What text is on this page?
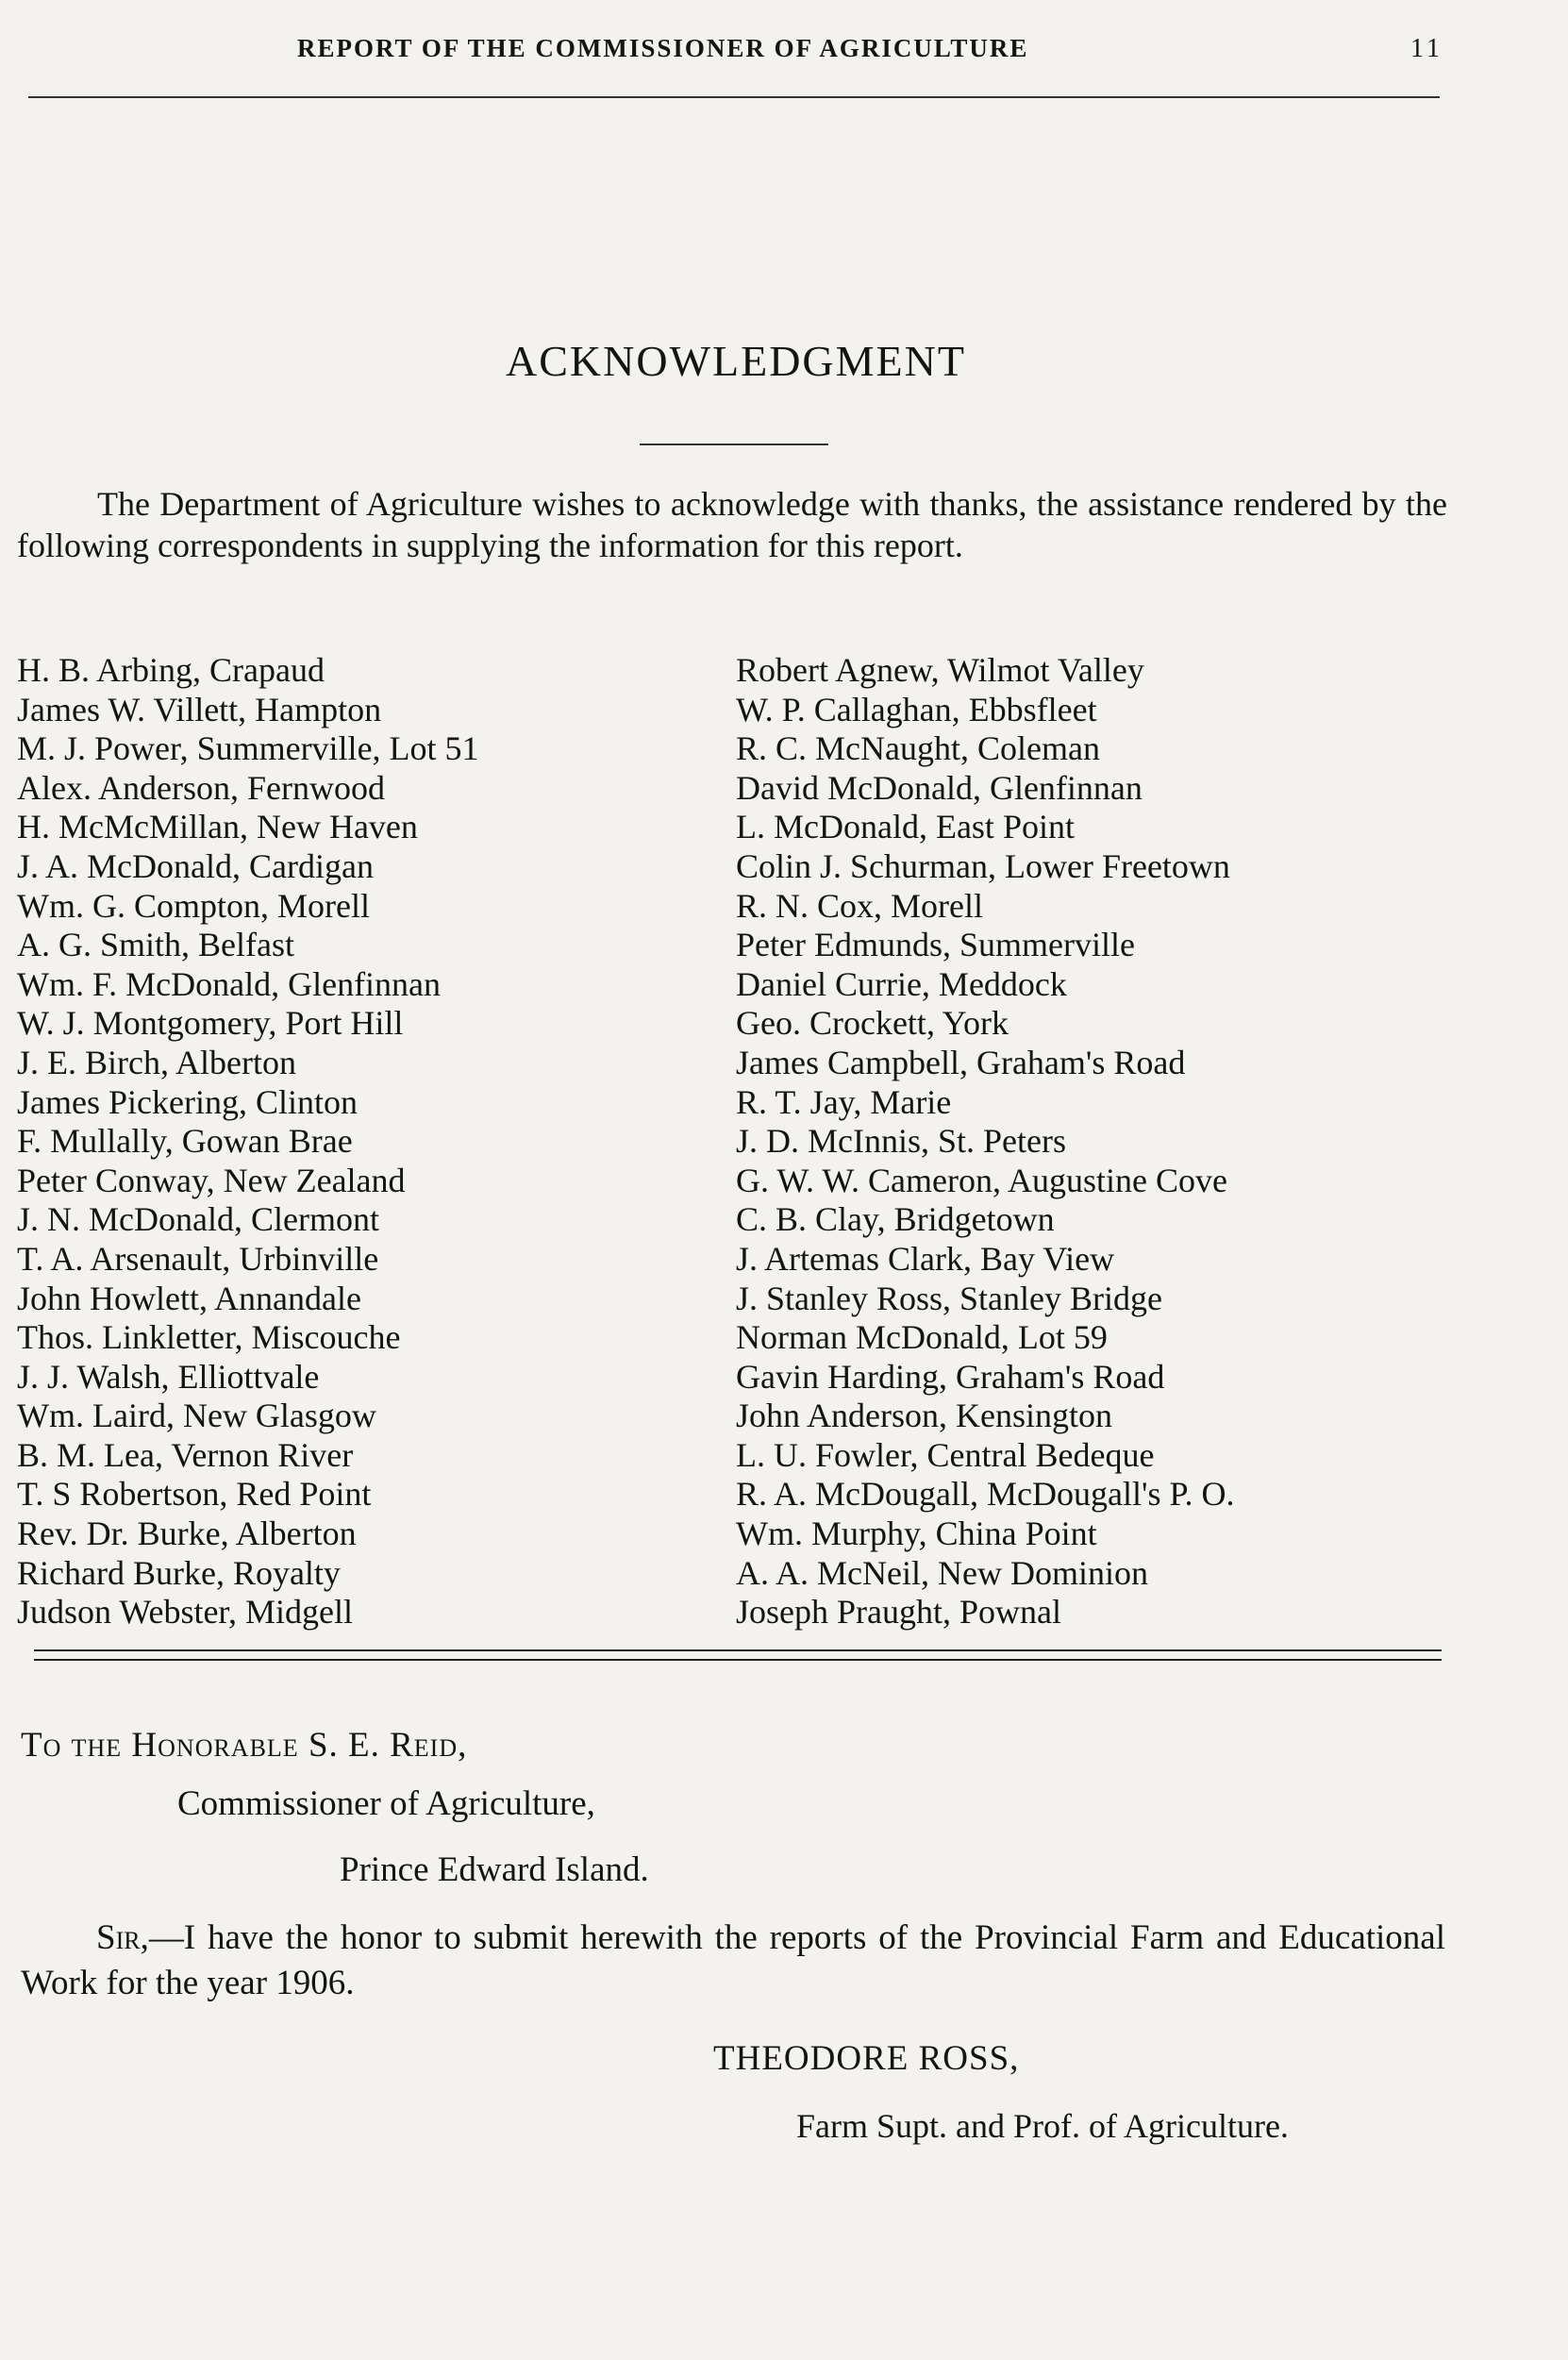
REPORT OF THE COMMISSIONER OF AGRICULTURE	11
ACKNOWLEDGMENT
The Department of Agriculture wishes to acknowledge with thanks, the assistance rendered by the following correspondents in supplying the information for this report.
H. B. Arbing, Crapaud
James W. Villett, Hampton
M. J. Power, Summerville, Lot 51
Alex. Anderson, Fernwood
H. McMcMillan, New Haven
J. A. McDonald, Cardigan
Wm. G. Compton, Morell
A. G. Smith, Belfast
Wm. F. McDonald, Glenfinnan
W. J. Montgomery, Port Hill
J. E. Birch, Alberton
James Pickering, Clinton
F. Mullally, Gowan Brae
Peter Conway, New Zealand
J. N. McDonald, Clermont
T. A. Arsenault, Urbinville
John Howlett, Annandale
Thos. Linkletter, Miscouche
J. J. Walsh, Elliottvale
Wm. Laird, New Glasgow
B. M. Lea, Vernon River
T. S Robertson, Red Point
Rev. Dr. Burke, Alberton
Richard Burke, Royalty
Judson Webster, Midgell
Robert Agnew, Wilmot Valley
W. P. Callaghan, Ebbsfleet
R. C. McNaught, Coleman
David McDonald, Glenfinnan
L. McDonald, East Point
Colin J. Schurman, Lower Freetown
R. N. Cox, Morell
Peter Edmunds, Summerville
Daniel Currie, Meddock
Geo. Crockett, York
James Campbell, Graham's Road
R. T. Jay, Marie
J. D. McInnis, St. Peters
G. W. W. Cameron, Augustine Cove
C. B. Clay, Bridgetown
J. Artemas Clark, Bay View
J. Stanley Ross, Stanley Bridge
Norman McDonald, Lot 59
Gavin Harding, Graham's Road
John Anderson, Kensington
L. U. Fowler, Central Bedeque
R. A. McDougall, McDougall's P. O.
Wm. Murphy, China Point
A. A. McNeil, New Dominion
Joseph Praught, Pownal
To the Honorable S. E. Reid,
Commissioner of Agriculture,
Prince Edward Island.
Sir,—I have the honor to submit herewith the reports of the Provincial Farm and Educational Work for the year 1906.
THEODORE ROSS,
Farm Supt. and Prof. of Agriculture.
